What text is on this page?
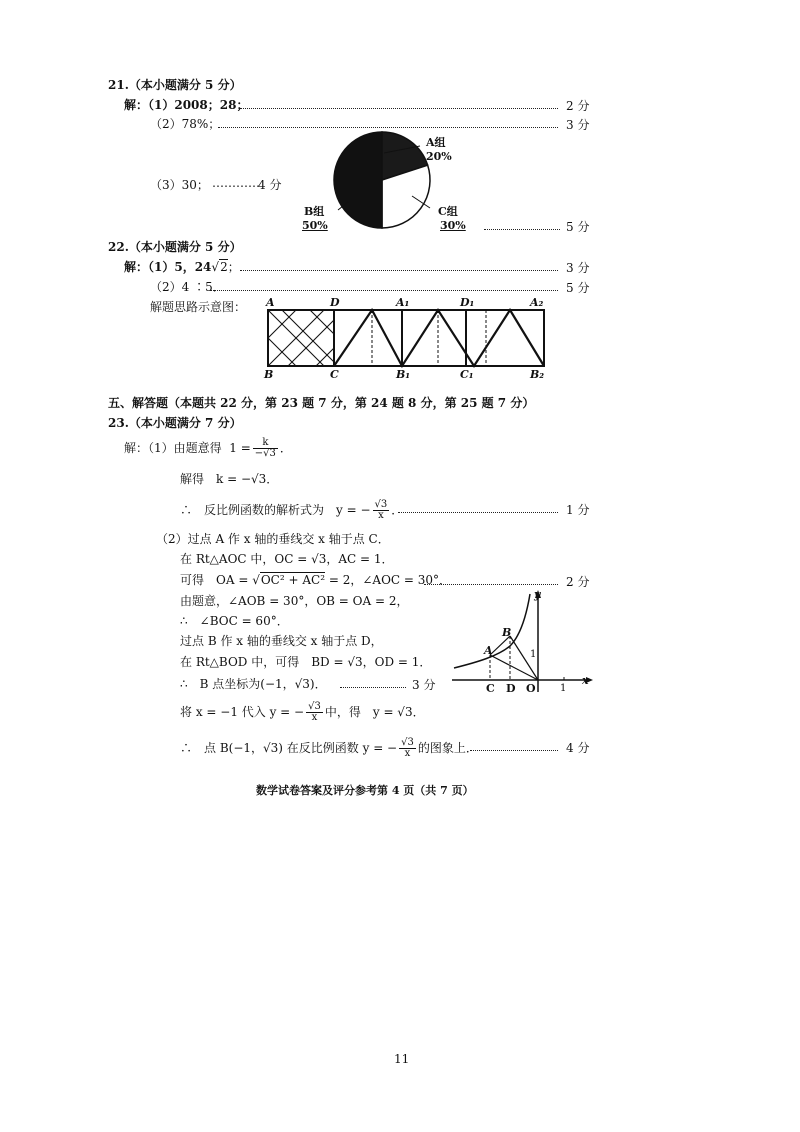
21.（本小题满分 5 分）
解：（1）2008；28；	2 分
（2）78%；	3 分
（3）30； …………
4 分
A组
20%
B组
50%
C组
30%	5 分
22.（本小题满分 5 分）
解：（1）5，24√2；	3 分
（2）4 ∶5．	5 分
解题思路示意图： A	D	A₁	D₁	A₂
B	C	B₁	C₁	B₂
五、解答题（本题共 22 分，第 23 题 7 分，第 24 题 8 分，第 25 题 7 分）
23.（本小题满分 7 分）
解：（1）由题意得 $1 = \frac{k}{-√3}$ ．
解得　k = −√3．
∴　反比例函数的解析式为　y = − $\frac{√3}{x}$ ．	1 分
（2）过点 A 作 x 轴的垂线交 x 轴于点 C．
在 Rt△AOC 中，OC = √3，AC = 1．
可得　OA = √OC² + AC² = 2，∠AOC = 30°．	2 分
由题意，∠AOB = 30°，OB = OA = 2，
∴　∠BOC = 60°．
过点 B 作 x 轴的垂线交 x 轴于点 D，
在 Rt△BOD 中，可得　BD = √3，OD = 1．
∴　B 点坐标为(−1，√3)．	3 分
将 x = −1 代入 y = − $\frac{√3}{x}$ 中，得　y = √3．
∴　点 B(−1，√3) 在反比例函数 y = − $\frac{√3}{x}$ 的图象上．	4 分
y
x
A
B
C D O 1
1
数学试卷答案及评分参考第 4 页（共 7 页）
11
